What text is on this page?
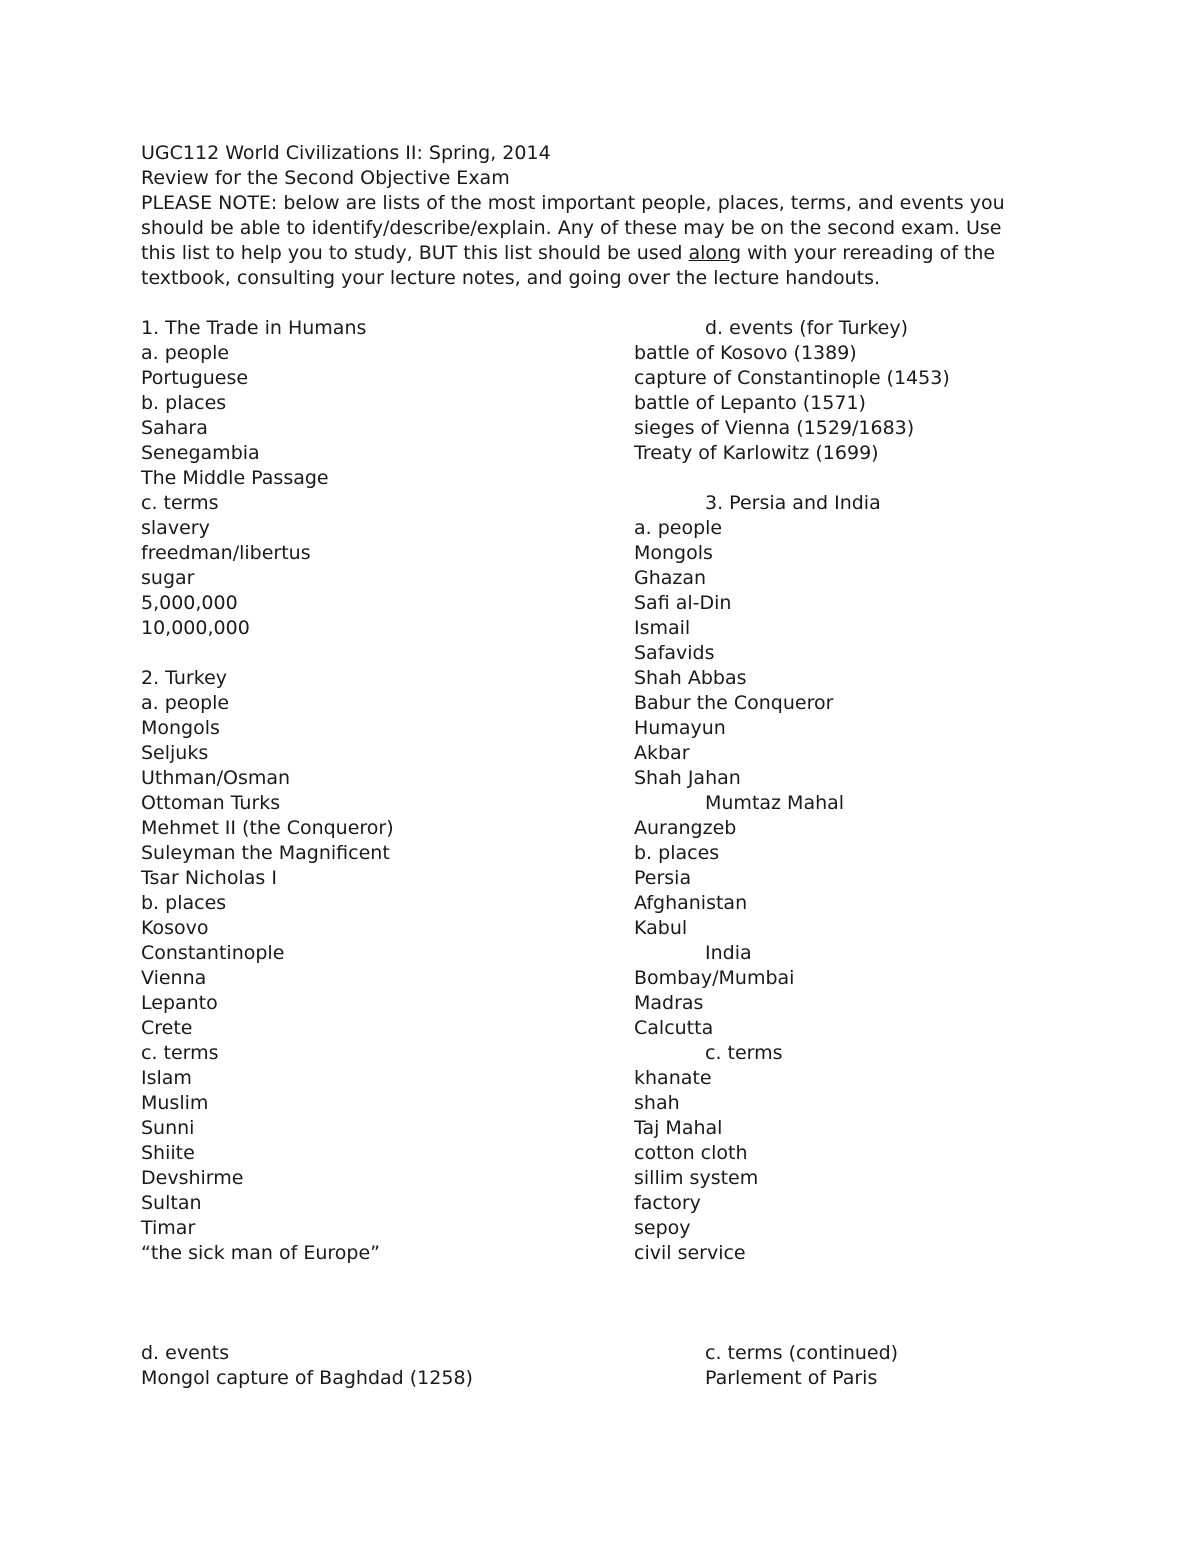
UGC112 World Civilizations II: Spring, 2014
Review for the Second Objective Exam
PLEASE NOTE: below are lists of the most important people, places, terms, and events you
should be able to identify/describe/explain. Any of these may be on the second exam. Use
this list to help you to study, BUT this list should be used along with your rereading of the
textbook, consulting your lecture notes, and going over the lecture handouts.
1. The Trade in Humans
a. people
Portuguese
b. places
Sahara
Senegambia
The Middle Passage
c. terms
slavery
freedman/libertus
sugar
5,000,000
10,000,000
2. Turkey
a. people
Mongols
Seljuks
Uthman/Osman
Ottoman Turks
Mehmet II (the Conqueror)
Suleyman the Magnificent
Tsar Nicholas I
b. places
Kosovo
Constantinople
Vienna
Lepanto
Crete
c. terms
Islam
Muslim
Sunni
Shiite
Devshirme
Sultan
Timar
“the sick man of Europe”
d. events (for Turkey)
battle of Kosovo (1389)
capture of Constantinople (1453)
battle of Lepanto (1571)
sieges of Vienna (1529/1683)
Treaty of Karlowitz (1699)
3. Persia and India
a. people
Mongols
Ghazan
Safi al-Din
Ismail
Safavids
Shah Abbas
Babur the Conqueror
Humayun
Akbar
Shah Jahan
Mumtaz Mahal
Aurangzeb
b. places
Persia
Afghanistan
Kabul
India
Bombay/Mumbai
Madras
Calcutta
c. terms
khanate
shah
Taj Mahal
cotton cloth
sillim system
factory
sepoy
civil service
d. events
Mongol capture of Baghdad (1258)
c. terms (continued)
Parlement of Paris
